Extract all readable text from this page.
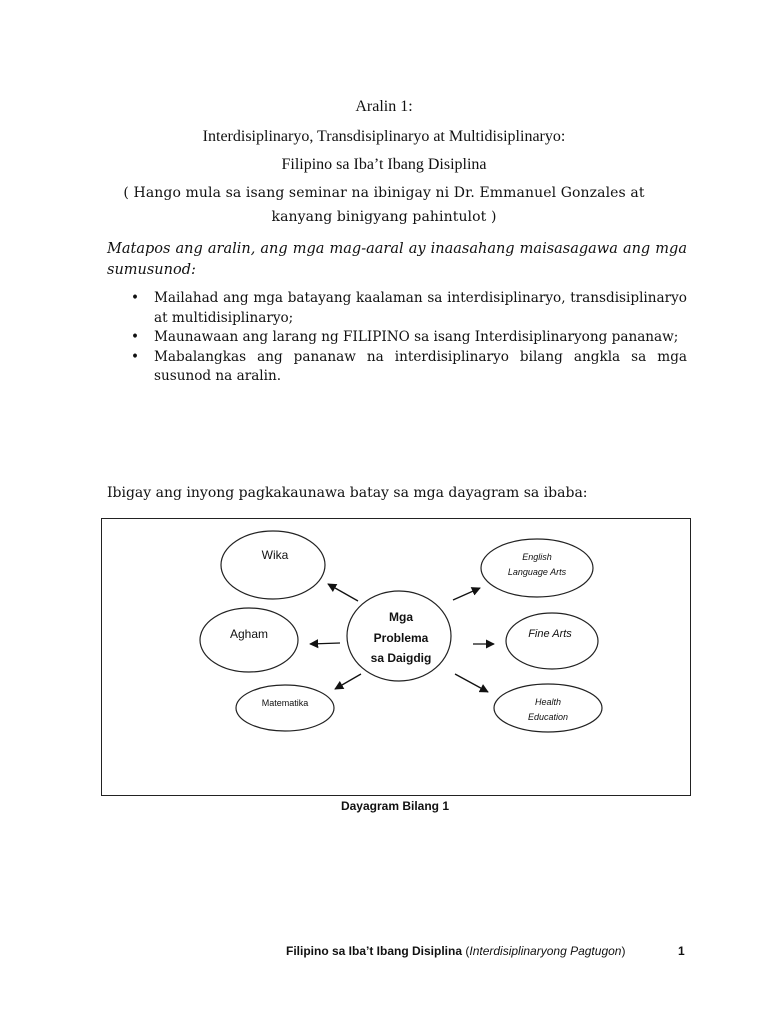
Aralin 1:
Interdisiplinaryo, Transdisiplinaryo at Multidisiplinaryo:
Filipino sa Iba’t Ibang Disiplina
( Hango mula sa isang seminar na ibinigay ni Dr. Emmanuel Gonzales at kanyang binigyang pahintulot )
Matapos ang aralin, ang mga mag-aaral ay inaasahang maisasagawa ang mga sumusunod:
• Mailahad ang mga batayang kaalaman sa interdisiplinaryo, transdisiplinaryo at multidisiplinaryo;
• Maunawaan ang larang ng FILIPINO sa isang Interdisiplinaryong pananaw;
• Mabalangkas ang pananaw na interdisiplinaryo bilang angkla sa mga susunod na aralin.
Ibigay ang inyong pagkakaunawa batay sa mga dayagram sa ibaba:
Mga
Problema
sa Daigdig
Wika
Agham
Matematika
English
Language Arts
Fine Arts
Health
Education
Dayagram Bilang 1
Filipino sa Iba’t Ibang Disiplina (Interdisiplinaryong Pagtugon)	1
